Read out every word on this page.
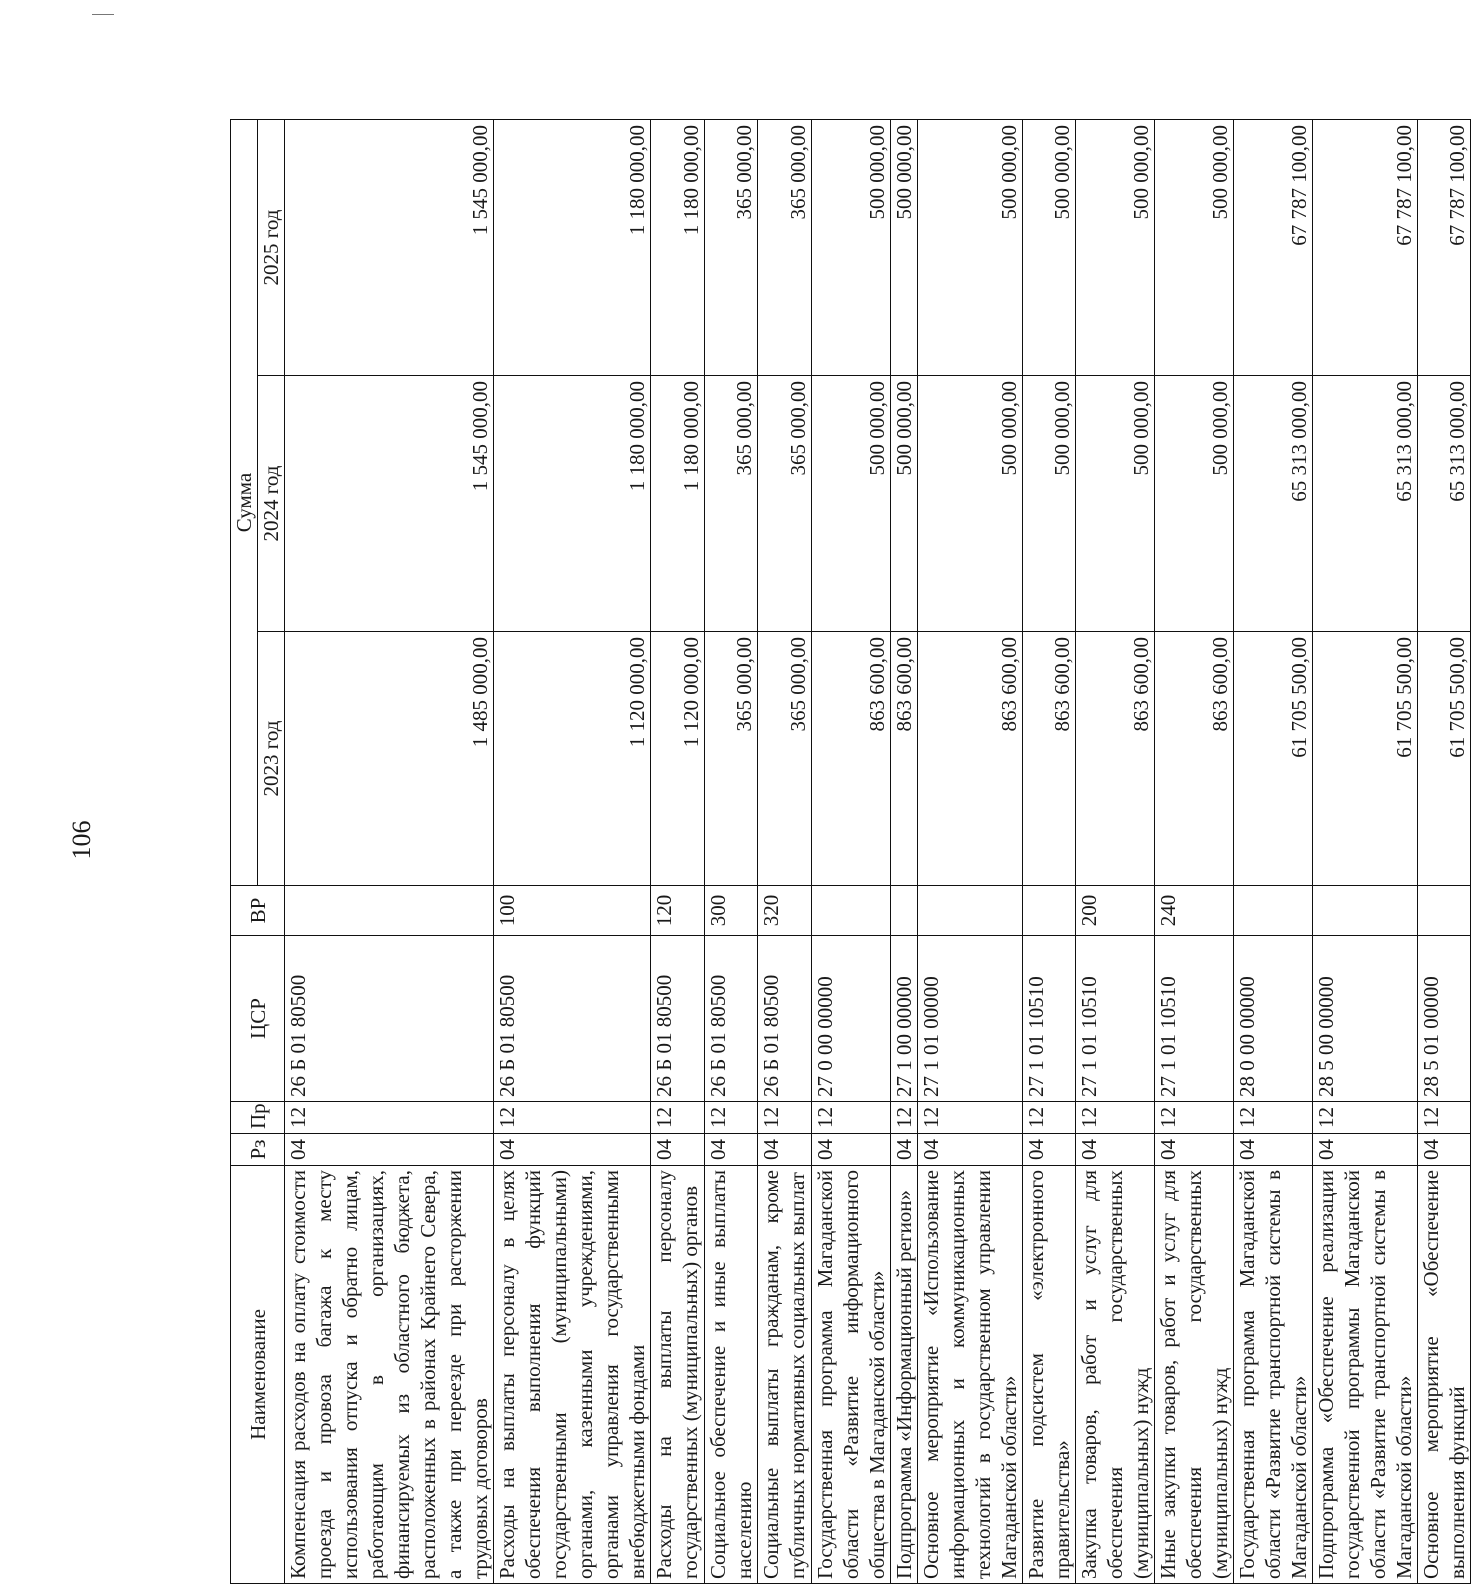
106
Наименование	Рз	Пр	ЦСР	ВР	Сумма		
					2023 год	2024 год	2025 год
Компенсация расходов на оплату стоимости проезда и провоза багажа к месту использования отпуска и обратно лицам, работающим в организациях, финансируемых из областного бюджета, расположенных в районах Крайнего Севера, а также при переезде при расторжении трудовых договоров	04	12	26 Б 01 80500		1 485 000,00	1 545 000,00	1 545 000,00
Расходы на выплаты персоналу в целях обеспечения выполнения функций государственными (муниципальными) органами, казенными учреждениями, органами управления государственными внебюджетными фондами	04	12	26 Б 01 80500	100	1 120 000,00	1 180 000,00	1 180 000,00
Расходы на выплаты персоналу государственных (муниципальных) органов	04	12	26 Б 01 80500	120	1 120 000,00	1 180 000,00	1 180 000,00
Социальное обеспечение и иные выплаты населению	04	12	26 Б 01 80500	300	365 000,00	365 000,00	365 000,00
Социальные выплаты гражданам, кроме публичных нормативных социальных выплат	04	12	26 Б 01 80500	320	365 000,00	365 000,00	365 000,00
Государственная программа Магаданской области «Развитие информационного общества в Магаданской области»	04	12	27 0 00 00000		863 600,00	500 000,00	500 000,00
Подпрограмма «Информационный регион»	04	12	27 1 00 00000		863 600,00	500 000,00	500 000,00
Основное мероприятие «Использование информационных и коммуникационных технологий в государственном управлении Магаданской области»	04	12	27 1 01 00000		863 600,00	500 000,00	500 000,00
Развитие подсистем «электронного правительства»	04	12	27 1 01 10510		863 600,00	500 000,00	500 000,00
Закупка товаров, работ и услуг для обеспечения государственных (муниципальных) нужд	04	12	27 1 01 10510	200	863 600,00	500 000,00	500 000,00
Иные закупки товаров, работ и услуг для обеспечения государственных (муниципальных) нужд	04	12	27 1 01 10510	240	863 600,00	500 000,00	500 000,00
Государственная программа Магаданской области «Развитие транспортной системы в Магаданской области»	04	12	28 0 00 00000		61 705 500,00	65 313 000,00	67 787 100,00
Подпрограмма «Обеспечение реализации государственной программы Магаданской области «Развитие транспортной системы в Магаданской области»	04	12	28 5 00 00000		61 705 500,00	65 313 000,00	67 787 100,00
Основное мероприятие «Обеспечение выполнения функций	04	12	28 5 01 00000		61 705 500,00	65 313 000,00	67 787 100,00
